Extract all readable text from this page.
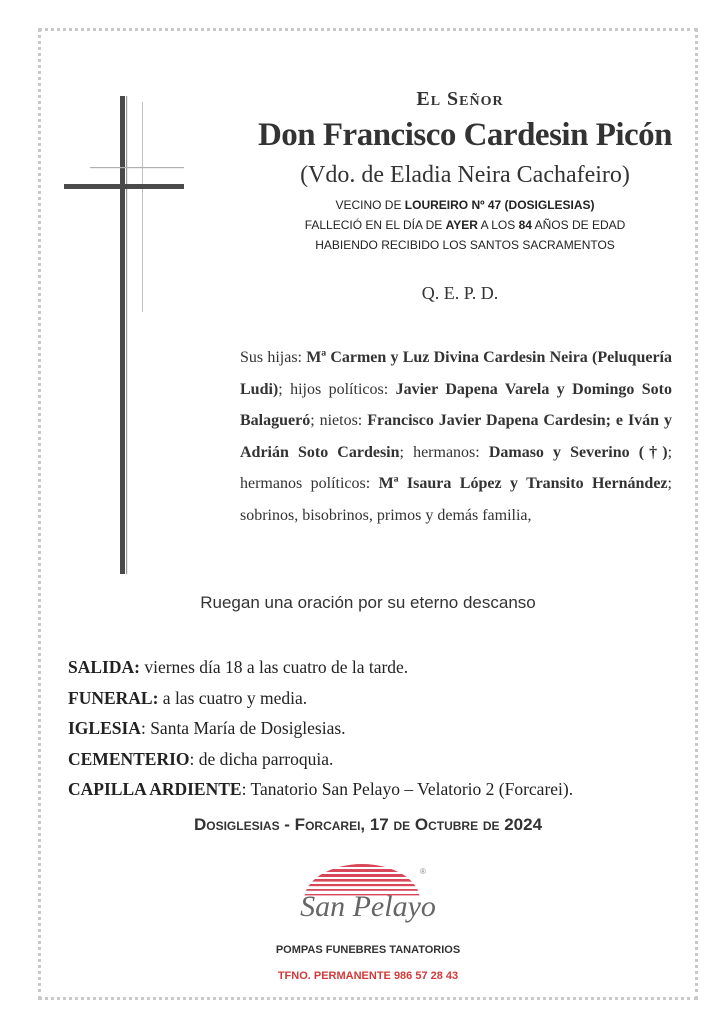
El Señor
Don Francisco Cardesin Picón
(Vdo. de Eladia Neira Cachafeiro)
VECINO DE LOUREIRO Nº 47 (DOSIGLESIAS)
FALLECIÓ EN EL DÍA DE AYER A LOS 84 AÑOS DE EDAD
HABIENDO RECIBIDO LOS SANTOS SACRAMENTOS
Q. E. P. D.
Sus hijas: Mª Carmen y Luz Divina Cardesin Neira (Peluquería Ludi); hijos políticos: Javier Dapena Varela y Domingo Soto Balagueró; nietos: Francisco Javier Dapena Cardesin; e Iván y Adrián Soto Cardesin; hermanos: Damaso y Severino (†); hermanos políticos: Mª Isaura López y Transito Hernández; sobrinos, bisobrinos, primos y demás familia,
Ruegan una oración por su eterno descanso
SALIDA: viernes día 18 a las cuatro de la tarde.
FUNERAL: a las cuatro y media.
IGLESIA: Santa María de Dosiglesias.
CEMENTERIO: de dicha parroquia.
CAPILLA ARDIENTE: Tanatorio San Pelayo – Velatorio 2 (Forcarei).
Dosiglesias - Forcarei, 17 de Octubre de 2024
®
San Pelayo
POMPAS FUNEBRES TANATORIOS
TFNO. PERMANENTE 986 57 28 43
